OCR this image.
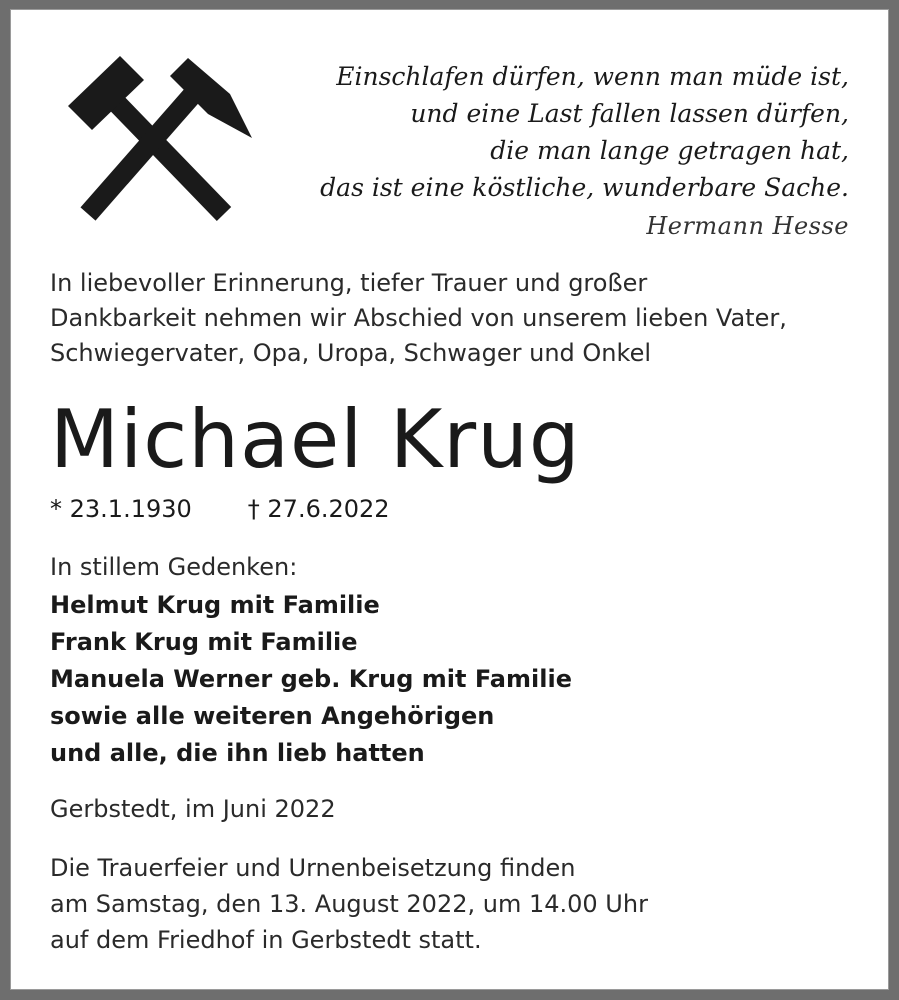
Einschlafen dürfen, wenn man müde ist,
und eine Last fallen lassen dürfen,
die man lange getragen hat,
das ist eine köstliche, wunderbare Sache.
Hermann Hesse
In liebevoller Erinnerung, tiefer Trauer und großer
Dankbarkeit nehmen wir Abschied von unserem lieben Vater,
Schwiegervater, Opa, Uropa, Schwager und Onkel
Michael Krug
* 23.1.1930 † 27.6.2022
In stillem Gedenken:
Helmut Krug mit Familie
Frank Krug mit Familie
Manuela Werner geb. Krug mit Familie
sowie alle weiteren Angehörigen
und alle, die ihn lieb hatten
Gerbstedt, im Juni 2022
Die Trauerfeier und Urnenbeisetzung finden
am Samstag, den 13. August 2022, um 14.00 Uhr
auf dem Friedhof in Gerbstedt statt.
